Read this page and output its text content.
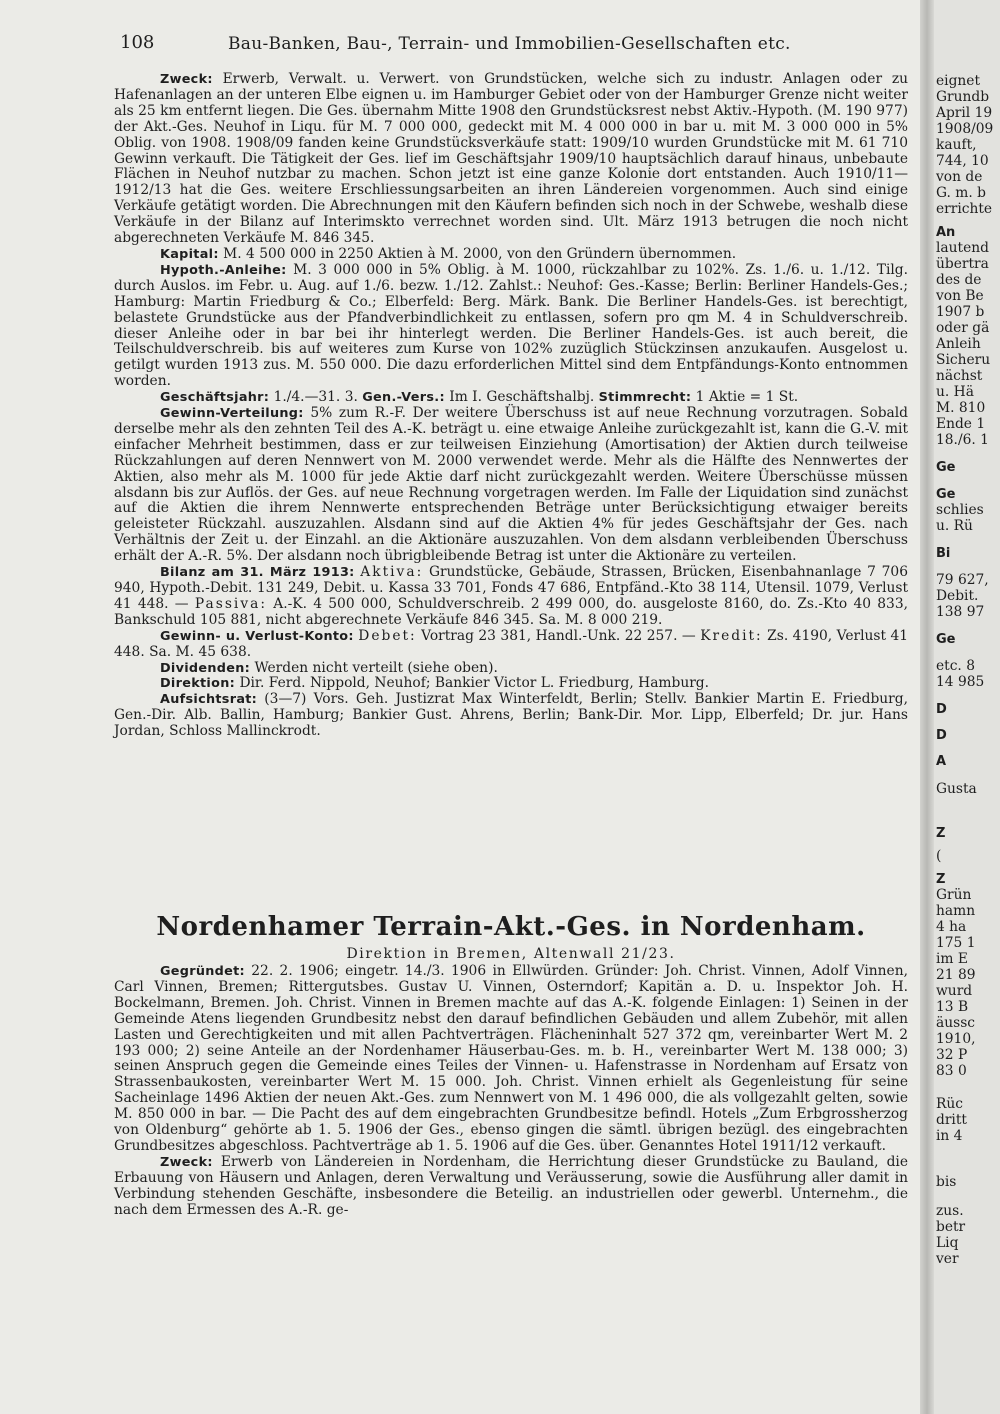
108	Bau-Banken, Bau-, Terrain- und Immobilien-Gesellschaften etc.

Zweck: Erwerb, Verwalt. u. Verwert. von Grundstücken, welche sich zu industr. Anlagen oder zu Hafenanlagen an der unteren Elbe eignen u. im Hamburger Gebiet oder von der Hamburger Grenze nicht weiter als 25 km entfernt liegen. Die Ges. übernahm Mitte 1908 den Grundstücksrest nebst Aktiv.-Hypoth. (M. 190 977) der Akt.-Ges. Neuhof in Liqu. für M. 7 000 000, gedeckt mit M. 4 000 000 in bar u. mit M. 3 000 000 in 5% Oblig. von 1908. 1908/09 fanden keine Grundstücksverkäufe statt: 1909/10 wurden Grundstücke mit M. 61 710 Gewinn verkauft. Die Tätigkeit der Ges. lief im Geschäftsjahr 1909/10 hauptsächlich darauf hinaus, unbebaute Flächen in Neuhof nutzbar zu machen. Schon jetzt ist eine ganze Kolonie dort entstanden. Auch 1910/11—1912/13 hat die Ges. weitere Erschliessungsarbeiten an ihren Ländereien vorgenommen. Auch sind einige Verkäufe getätigt worden. Die Abrechnungen mit den Käufern befinden sich noch in der Schwebe, weshalb diese Verkäufe in der Bilanz auf Interimskto verrechnet worden sind. Ult. März 1913 betrugen die noch nicht abgerechneten Verkäufe M. 846 345.

Kapital: M. 4 500 000 in 2250 Aktien à M. 2000, von den Gründern übernommen.

Hypoth.-Anleihe: M. 3 000 000 in 5% Oblig. à M. 1000, rückzahlbar zu 102%. Zs. 1./6. u. 1./12. Tilg. durch Auslos. im Febr. u. Aug. auf 1./6. bezw. 1./12. Zahlst.: Neuhof: Ges.-Kasse; Berlin: Berliner Handels-Ges.; Hamburg: Martin Friedburg & Co.; Elberfeld: Berg. Märk. Bank. Die Berliner Handels-Ges. ist berechtigt, belastete Grundstücke aus der Pfandverbindlichkeit zu entlassen, sofern pro qm M. 4 in Schuldverschreib. dieser Anleihe oder in bar bei ihr hinterlegt werden. Die Berliner Handels-Ges. ist auch bereit, die Teilschuldverschreib. bis auf weiteres zum Kurse von 102% zuzüglich Stückzinsen anzukaufen. Ausgelost u. getilgt wurden 1913 zus. M. 550 000. Die dazu erforderlichen Mittel sind dem Entpfändungs-Konto entnommen worden.

Geschäftsjahr: 1./4.—31. 3. Gen.-Vers.: Im I. Geschäftshalbj. Stimmrecht: 1 Aktie = 1 St.

Gewinn-Verteilung: 5% zum R.-F. Der weitere Überschuss ist auf neue Rechnung vorzutragen. Sobald derselbe mehr als den zehnten Teil des A.-K. beträgt u. eine etwaige Anleihe zurückgezahlt ist, kann die G.-V. mit einfacher Mehrheit bestimmen, dass er zur teilweisen Einziehung (Amortisation) der Aktien durch teilweise Rückzahlungen auf deren Nennwert von M. 2000 verwendet werde. Mehr als die Hälfte des Nennwertes der Aktien, also mehr als M. 1000 für jede Aktie darf nicht zurückgezahlt werden. Weitere Überschüsse müssen alsdann bis zur Auflös. der Ges. auf neue Rechnung vorgetragen werden. Im Falle der Liquidation sind zunächst auf die Aktien die ihrem Nennwerte entsprechenden Beträge unter Berücksichtigung etwaiger bereits geleisteter Rückzahl. auszuzahlen. Alsdann sind auf die Aktien 4% für jedes Geschäftsjahr der Ges. nach Verhältnis der Zeit u. der Einzahl. an die Aktionäre auszuzahlen. Von dem alsdann verbleibenden Überschuss erhält der A.-R. 5%. Der alsdann noch übrigbleibende Betrag ist unter die Aktionäre zu verteilen.

Bilanz am 31. März 1913: Aktiva: Grundstücke, Gebäude, Strassen, Brücken, Eisenbahnanlage 7 706 940, Hypoth.-Debit. 131 249, Debit. u. Kassa 33 701, Fonds 47 686, Entpfänd.-Kto 38 114, Utensil. 1079, Verlust 41 448. — Passiva: A.-K. 4 500 000, Schuldverschreib. 2 499 000, do. ausgeloste 8160, do. Zs.-Kto 40 833, Bankschuld 105 881, nicht abgerechnete Verkäufe 846 345. Sa. M. 8 000 219.

Gewinn- u. Verlust-Konto: Debet: Vortrag 23 381, Handl.-Unk. 22 257. — Kredit: Zs. 4190, Verlust 41 448. Sa. M. 45 638.

Dividenden: Werden nicht verteilt (siehe oben).

Direktion: Dir. Ferd. Nippold, Neuhof; Bankier Victor L. Friedburg, Hamburg.

Aufsichtsrat: (3—7) Vors. Geh. Justizrat Max Winterfeldt, Berlin; Stellv. Bankier Martin E. Friedburg, Gen.-Dir. Alb. Ballin, Hamburg; Bankier Gust. Ahrens, Berlin; Bank-Dir. Mor. Lipp, Elberfeld; Dr. jur. Hans Jordan, Schloss Mallinckrodt.

Nordenhamer Terrain-Akt.-Ges. in Nordenham.
Direktion in Bremen, Altenwall 21/23.

Gegründet: 22. 2. 1906; eingetr. 14./3. 1906 in Ellwürden. Gründer: Joh. Christ. Vinnen, Adolf Vinnen, Carl Vinnen, Bremen; Rittergutsbes. Gustav U. Vinnen, Osterndorf; Kapitän a. D. u. Inspektor Joh. H. Bockelmann, Bremen. Joh. Christ. Vinnen in Bremen machte auf das A.-K. folgende Einlagen: 1) Seinen in der Gemeinde Atens liegenden Grundbesitz nebst den darauf befindlichen Gebäuden und allem Zubehör, mit allen Lasten und Gerechtigkeiten und mit allen Pachtverträgen. Flächeninhalt 527 372 qm, vereinbarter Wert M. 2 193 000; 2) seine Anteile an der Nordenhamer Häuserbau-Ges. m. b. H., vereinbarter Wert M. 138 000; 3) seinen Anspruch gegen die Gemeinde eines Teiles der Vinnen- u. Hafenstrasse in Nordenham auf Ersatz von Strassenbaukosten, vereinbarter Wert M. 15 000. Joh. Christ. Vinnen erhielt als Gegenleistung für seine Sacheinlage 1496 Aktien der neuen Akt.-Ges. zum Nennwert von M. 1 496 000, die als vollgezahlt gelten, sowie M. 850 000 in bar. — Die Pacht des auf dem eingebrachten Grundbesitze befindl. Hotels „Zum Erbgrossherzog von Oldenburg“ gehörte ab 1. 5. 1906 der Ges., ebenso gingen die sämtl. übrigen bezügl. des eingebrachten Grundbesitzes abgeschloss. Pachtverträge ab 1. 5. 1906 auf die Ges. über. Genanntes Hotel 1911/12 verkauft.

Zweck: Erwerb von Ländereien in Nordenham, die Herrichtung dieser Grundstücke zu Bauland, die Erbauung von Häusern und Anlagen, deren Verwaltung und Veräusserung, sowie die Ausführung aller damit in Verbindung stehenden Geschäfte, insbesondere die Beteilig. an industriellen oder gewerbl. Unternehm., die nach dem Ermessen des A.-R. ge-

eignet
Grundb
April 19
1908/09
kauft,
744, 10
von de
G. m. b
errichte
An
lautend
übertra
des de
von Be
1907 b
oder gä
Anleih
Sicheru
nächst
u. Hä
M. 810
Ende 1
18./6. 1
Ge
Ge
schlies
u. Rü
Bi
79 627,
Debit.
138 97
Ge
etc. 8
14 985
D
D
A
Gusta
Z
(
Z
Grün
hamn
4 ha
175 1
im E
21 89
wurd
13 B
äussc
1910,
32 P
83 0
Rüc
dritt
in 4
bis
zus.
betr
Liq
ver
